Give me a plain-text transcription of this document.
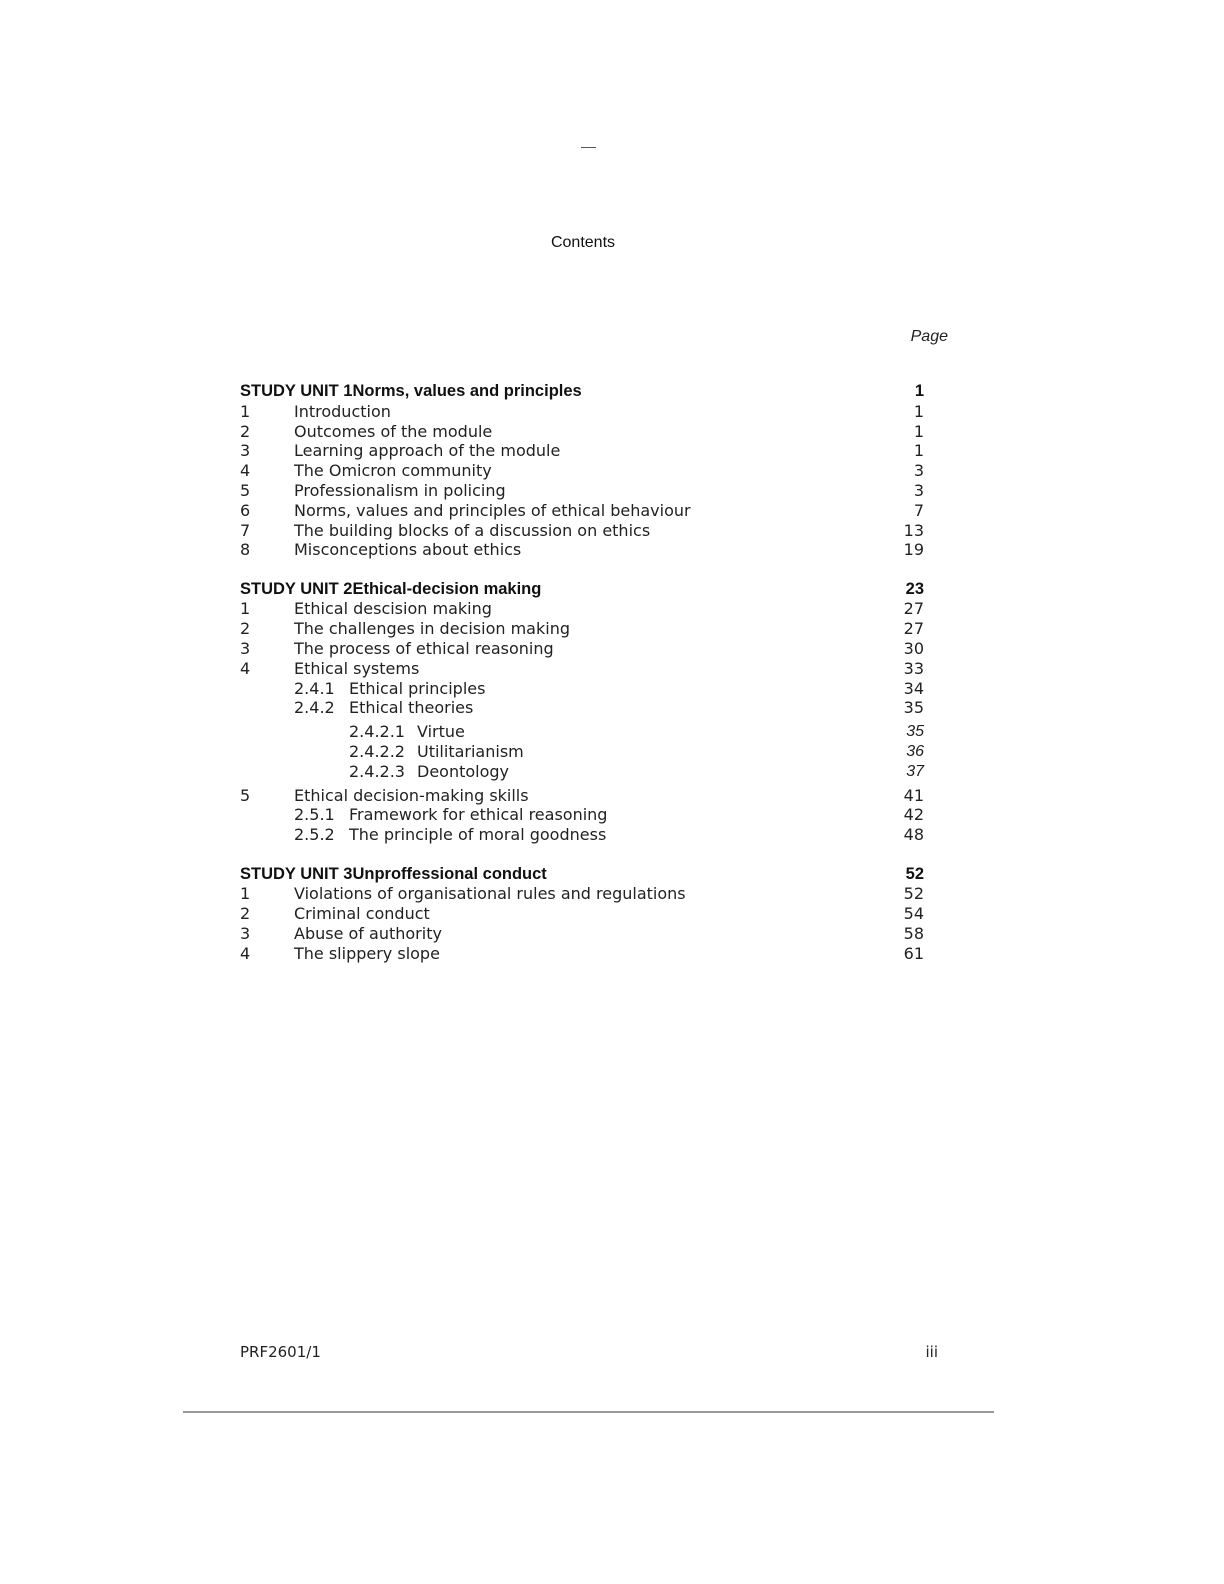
Contents
Page
STUDY UNIT 1Norms, values and principles	1
1	Introduction	1
2	Outcomes of the module	1
3	Learning approach of the module	1
4	The Omicron community	3
5	Professionalism in policing	3
6	Norms, values and principles of ethical behaviour	7
7	The building blocks of a discussion on ethics	13
8	Misconceptions about ethics	19
STUDY UNIT 2Ethical-decision making	23
1	Ethical descision making	27
2	The challenges in decision making	27
3	The process of ethical reasoning	30
4	Ethical systems	33
2.4.1 Ethical principles	34
2.4.2 Ethical theories	35
2.4.2.1 Virtue	35
2.4.2.2 Utilitarianism	36
2.4.2.3 Deontology	37
5	Ethical decision-making skills	41
2.5.1 Framework for ethical reasoning	42
2.5.2 The principle of moral goodness	48
STUDY UNIT 3Unproffessional conduct	52
1	Violations of organisational rules and regulations	52
2	Criminal conduct	54
3	Abuse of authority	58
4	The slippery slope	61
PRF2601/1	iii
